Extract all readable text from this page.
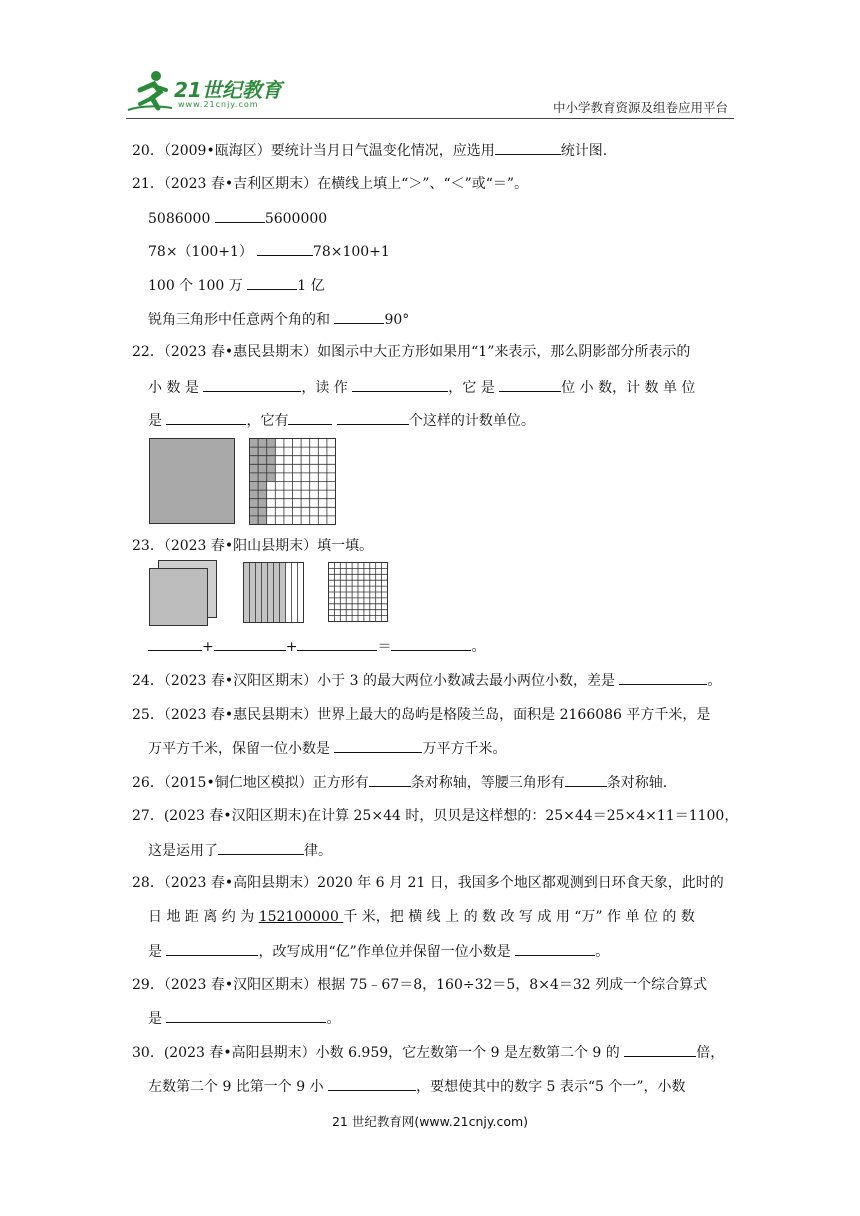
21世纪教育
www.21cnjy.com	中小学教育资源及组卷应用平台
20．（2009•瓯海区）要统计当月日气温变化情况，应选用	统计图.
21．（2023 春•吉利区期末）在横线上填上“＞”、“＜”或“＝”。
5086000	5600000
78×（100+1）	78×100+1
100 个 100 万	1 亿
锐角三角形中任意两个角的和	90°
22．（2023 春•惠民县期末）如图示中大正方形如果用“1”来表示，那么阴影部分所表示的
小 数 是	，读 作	，它 是	位 小 数，计 数 单 位
是	，它有	个这样的计数单位。
23．（2023 春•阳山县期末）填一填。
+	+	＝	。
24．（2023 春•汉阳区期末）小于 3 的最大两位小数减去最小两位小数，差是	。
25．（2023 春•惠民县期末）世界上最大的岛屿是格陵兰岛，面积是 2166086 平方千米，是
万平方千米，保留一位小数是	万平方千米。
26．（2015•铜仁地区模拟）正方形有	条对称轴，等腰三角形有	条对称轴.
27．(2023 春•汉阳区期末)在计算 25×44 时，贝贝是这样想的：25×44＝25×4×11＝1100，
这是运用了	律。
28．（2023 春•高阳县期末）2020 年 6 月 21 日，我国多个地区都观测到日环食天象，此时的
日 地 距 离 约 为 152100000 千 米，把 横 线 上 的 数 改 写 成 用 “万” 作 单 位 的 数
是	，改写成用“亿”作单位并保留一位小数是	。
29．（2023 春•汉阳区期末）根据 75﹣67＝8，160÷32＝5，8×4＝32 列成一个综合算式
是	。
30．(2023 春•高阳县期末）小数 6.959，它左数第一个 9 是左数第二个 9 的	倍，
左数第二个 9 比第一个 9 小	，要想使其中的数字 5 表示“5 个一”，小数
21 世纪教育网(www.21cnjy.com)
